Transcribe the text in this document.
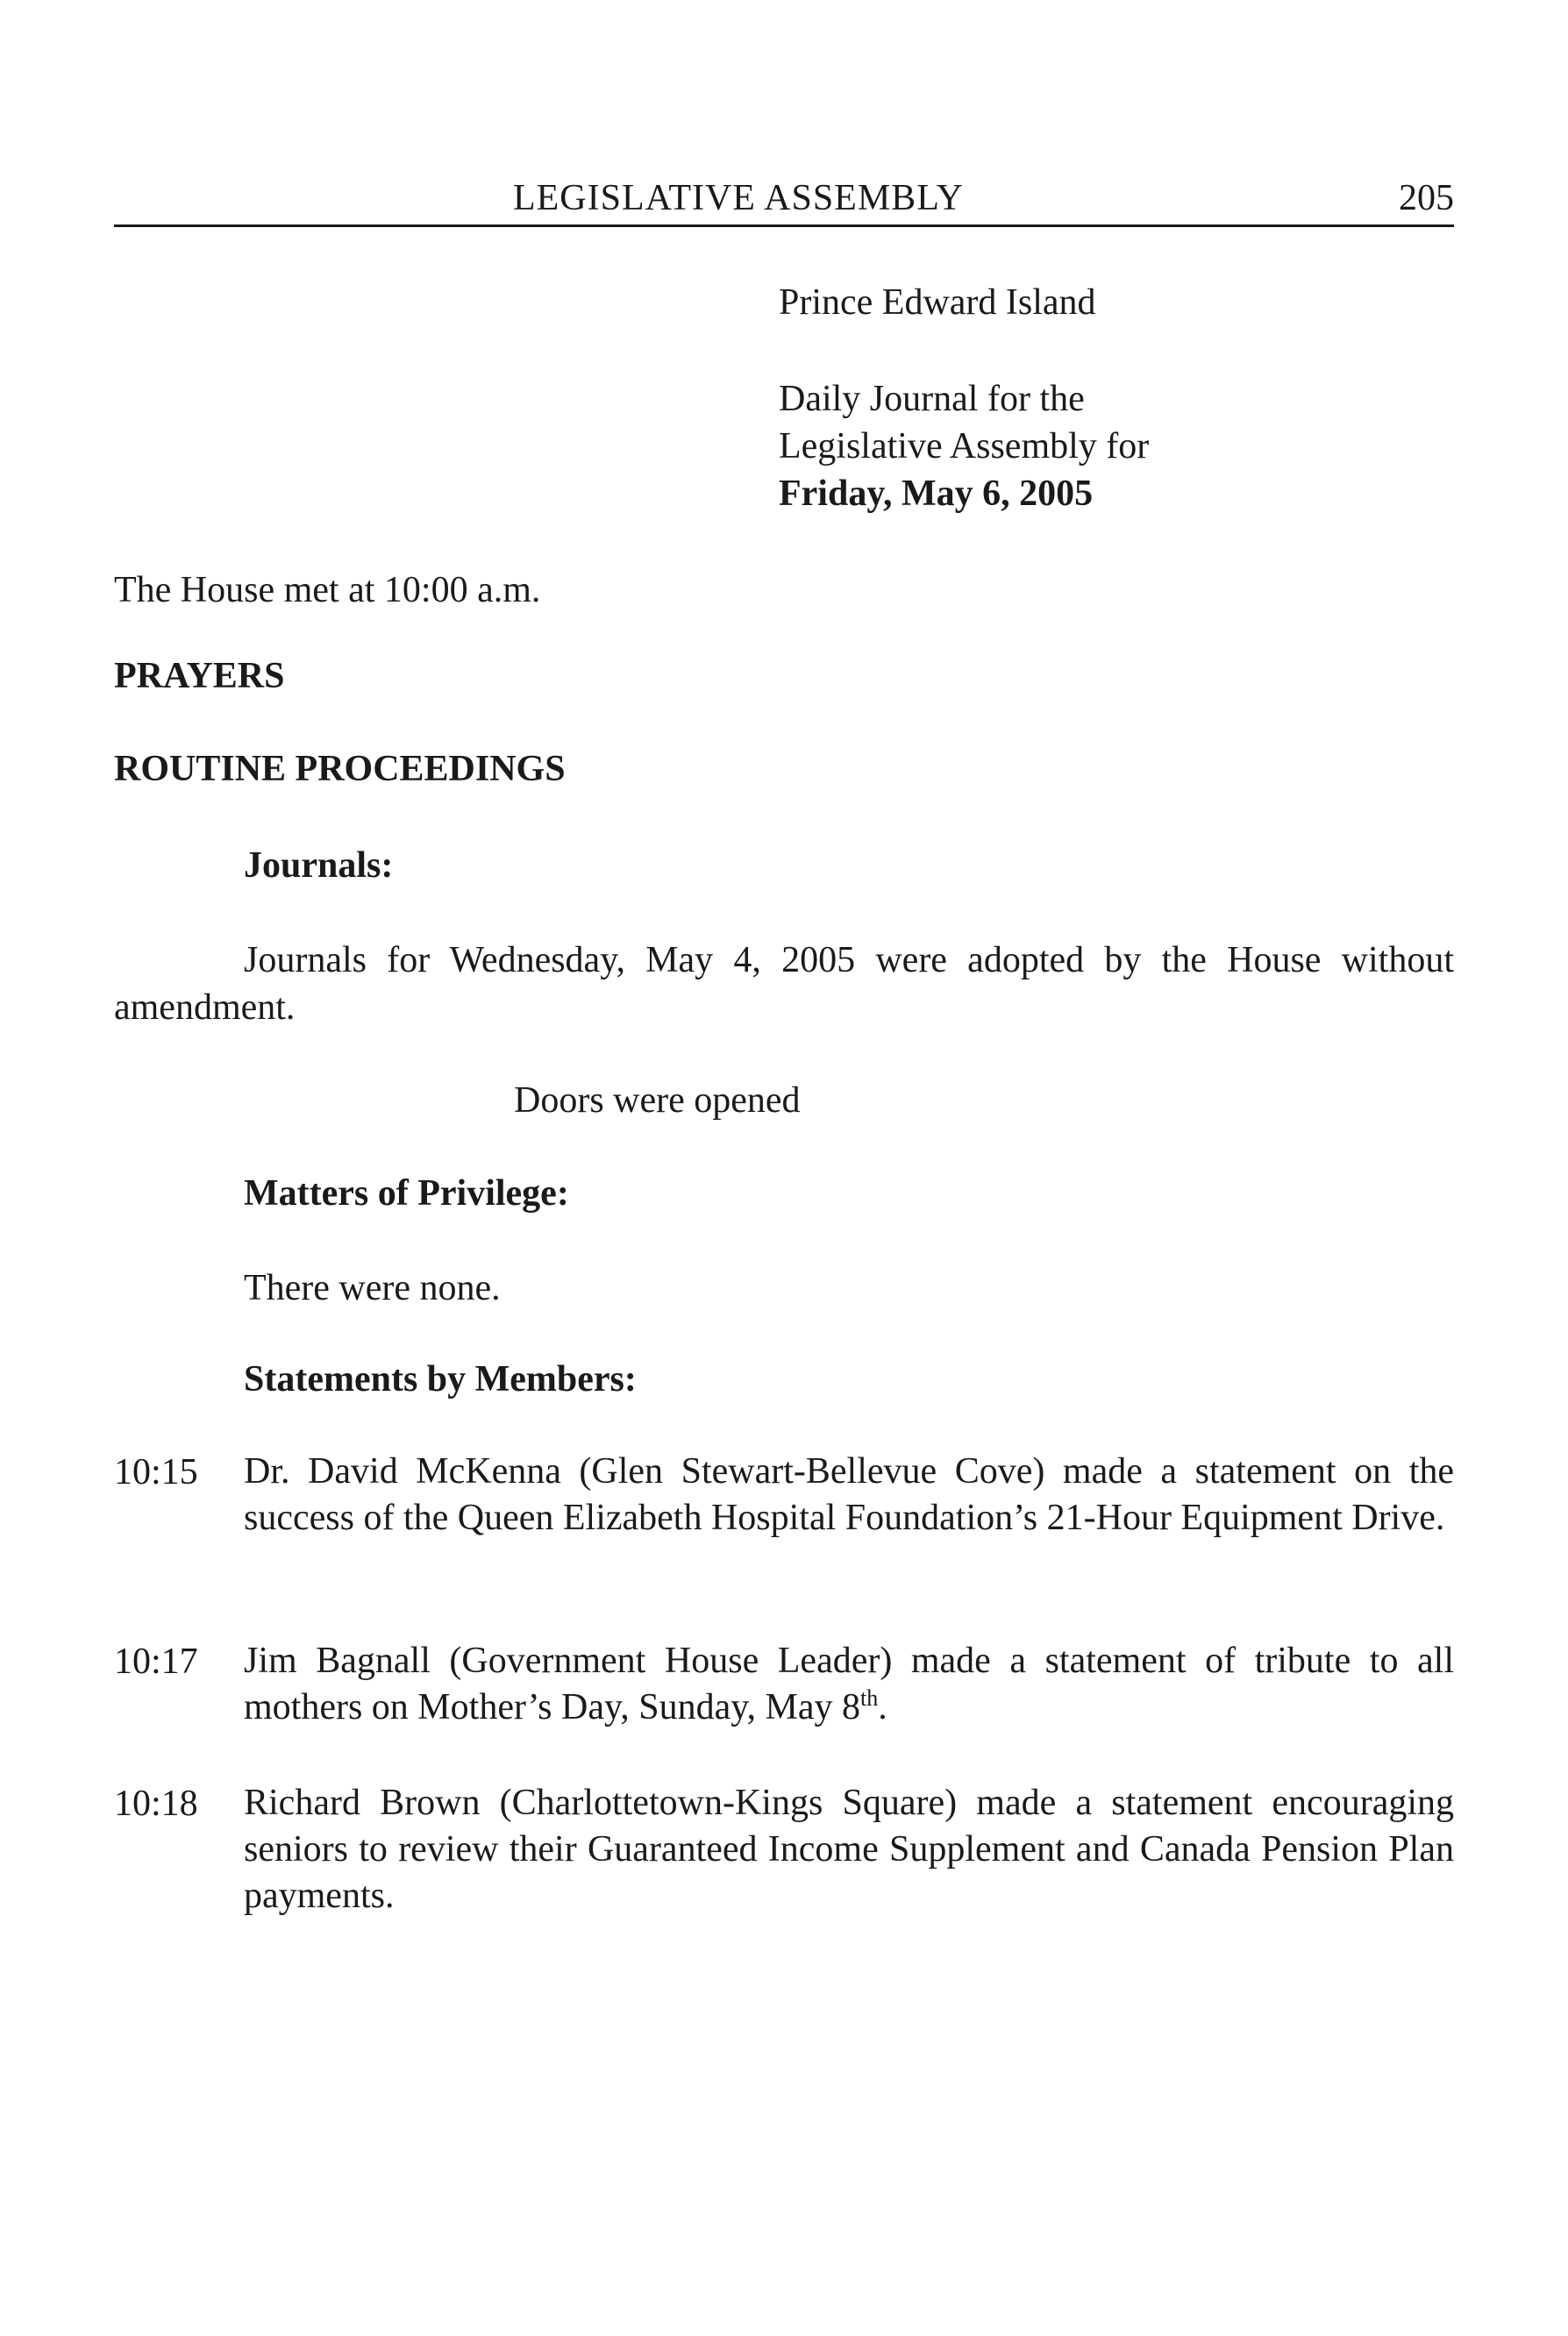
LEGISLATIVE ASSEMBLY	205
Prince Edward Island
Daily Journal for the
Legislative Assembly for
Friday, May 6, 2005
The House met at 10:00 a.m.
PRAYERS
ROUTINE PROCEEDINGS
Journals:
Journals for Wednesday, May 4, 2005 were adopted by the House without
amendment.
Doors were opened
Matters of Privilege:
There were none.
Statements by Members:
10:15	Dr. David McKenna (Glen Stewart-Bellevue Cove) made a statement on the success of the Queen Elizabeth Hospital Foundation’s 21-Hour Equipment Drive.
10:17	Jim Bagnall (Government House Leader) made a statement of tribute to all mothers on Mother’s Day, Sunday, May 8th.
10:18	Richard Brown (Charlottetown-Kings Square) made a statement encouraging seniors to review their Guaranteed Income Supplement and Canada Pension Plan payments.
